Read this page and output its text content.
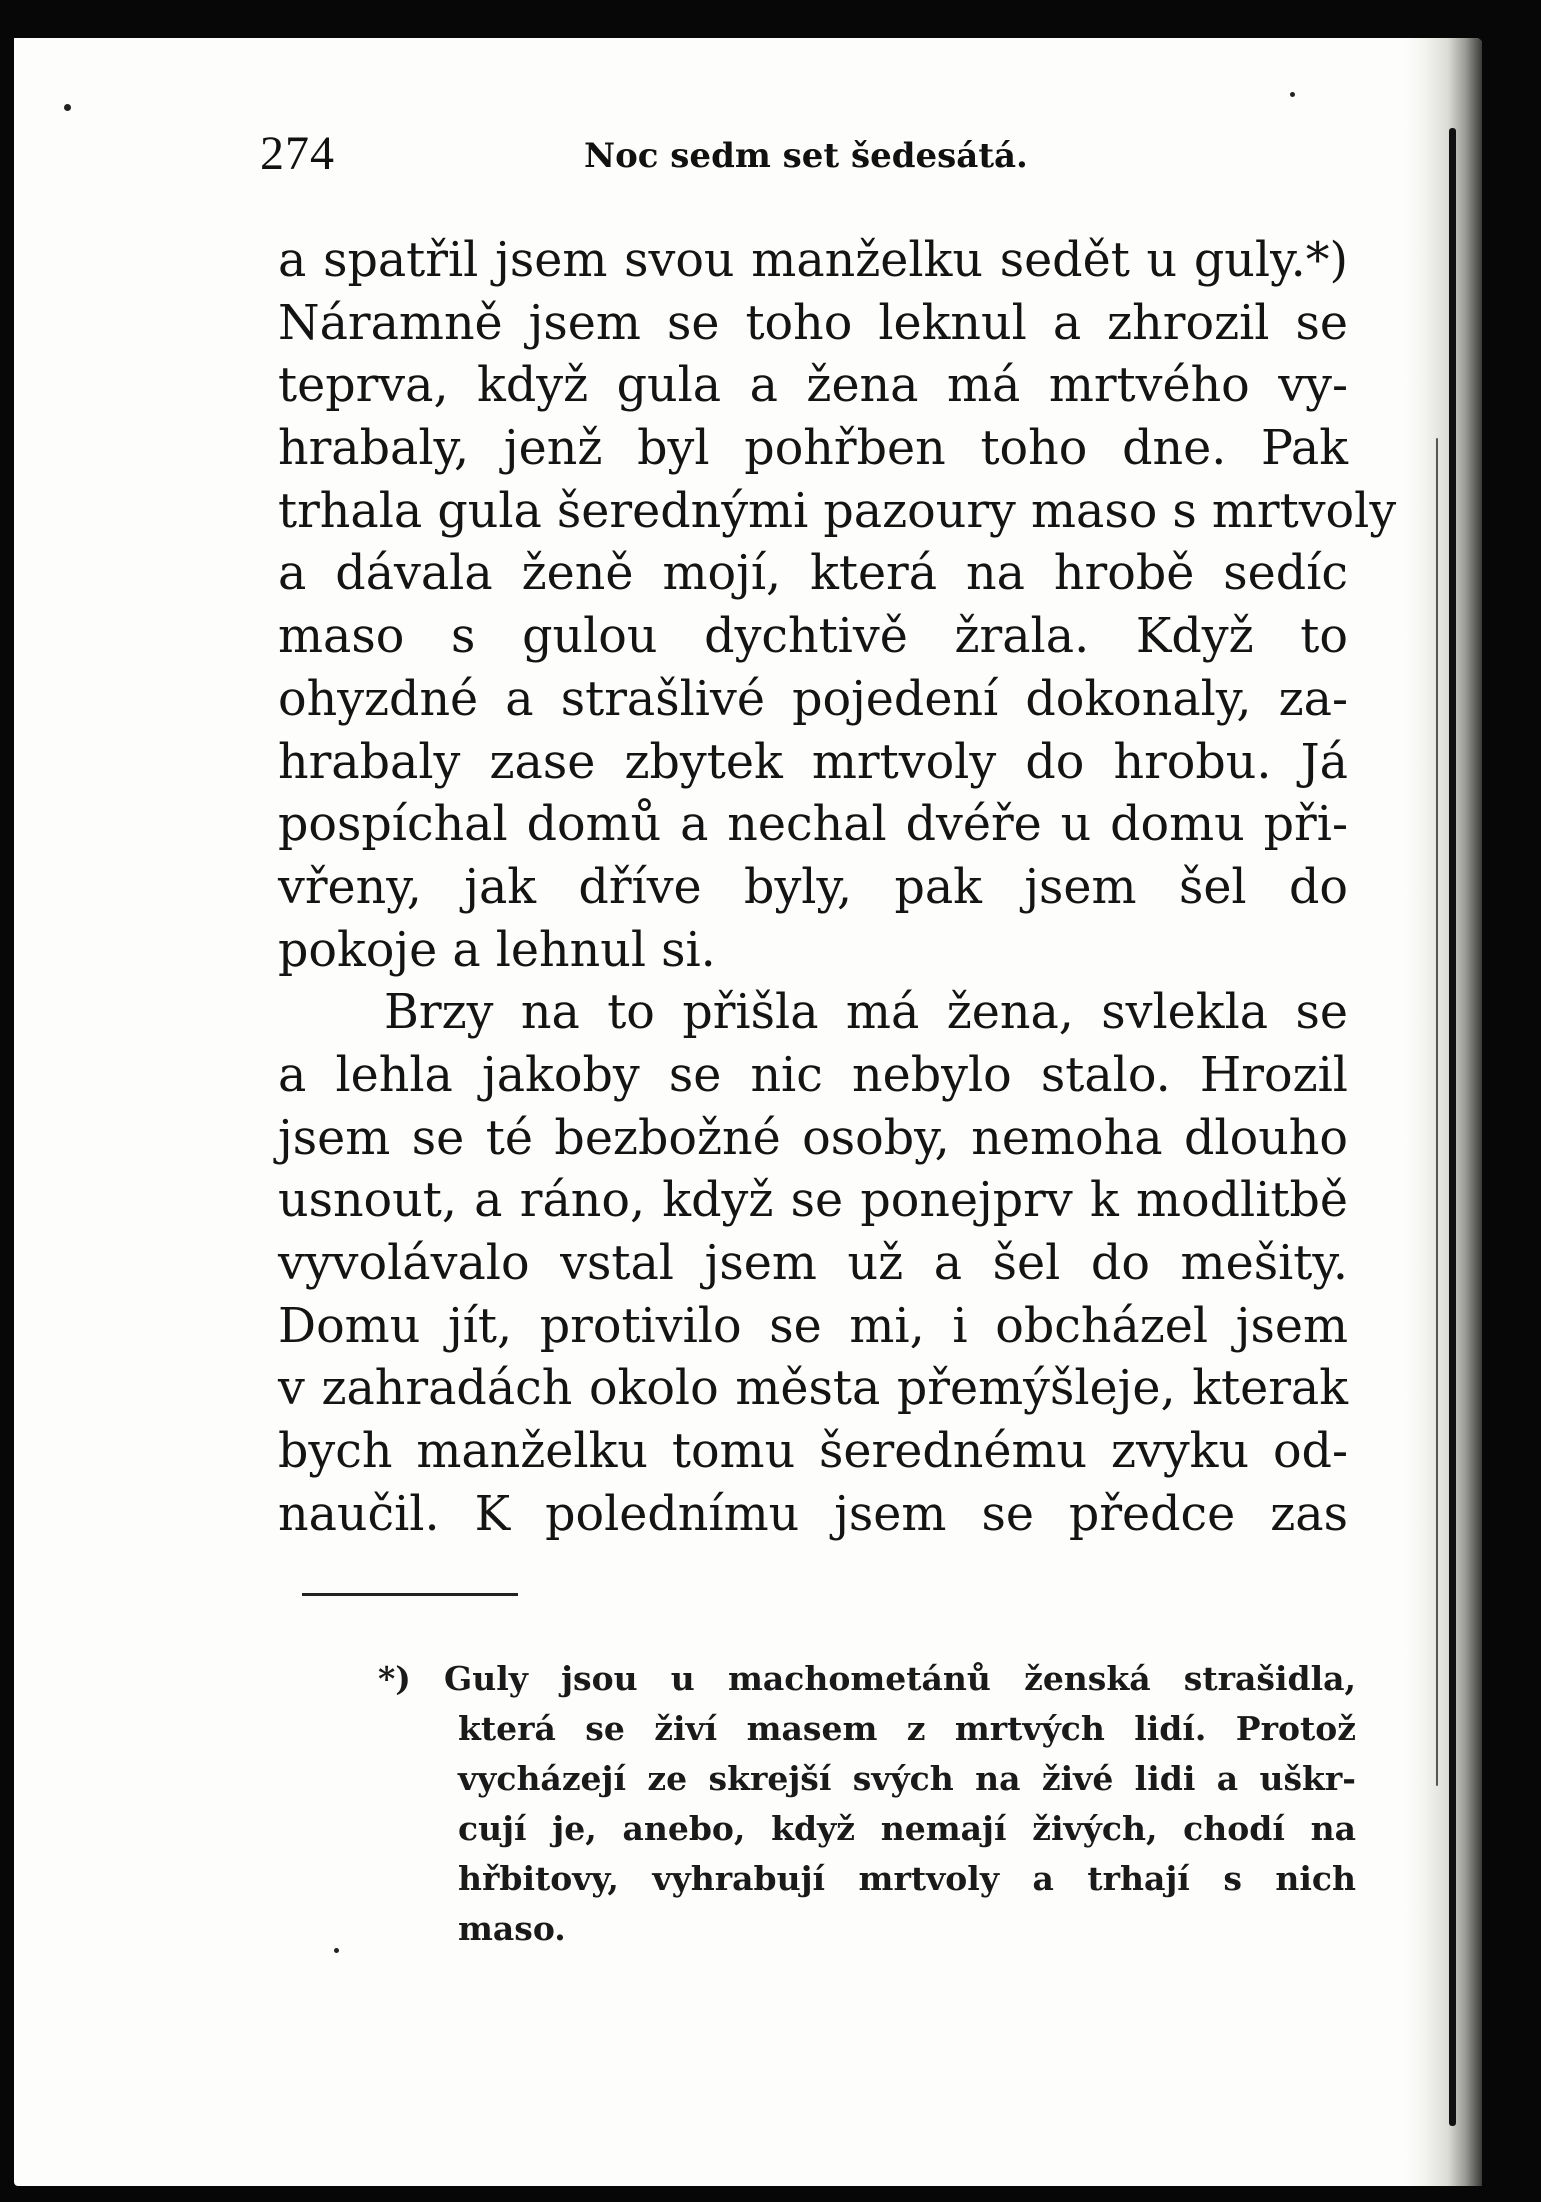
274	Noc sedm set šedesátá.
a spatřil jsem svou manželku sedět u guly.*)
Náramně jsem se toho leknul a zhrozil se
teprva, když gula a žena má mrtvého vy-
hrabaly, jenž byl pohřben toho dne. Pak
trhala gula šerednými pazoury maso s mrtvoly
a dávala ženě mojí, která na hrobě sedíc
maso s gulou dychtivě žrala. Když to
ohyzdné a strašlivé pojedení dokonaly, za-
hrabaly zase zbytek mrtvoly do hrobu. Já
pospíchal domů a nechal dvéře u domu při-
vřeny, jak dříve byly, pak jsem šel do
pokoje a lehnul si.
Brzy na to přišla má žena, svlekla se
a lehla jakoby se nic nebylo stalo. Hrozil
jsem se té bezbožné osoby, nemoha dlouho
usnout, a ráno, když se ponejprv k modlitbě
vyvolávalo vstal jsem už a šel do mešity.
Domu jít, protivilo se mi, i obcházel jsem
v zahradách okolo města přemýšleje, kterak
bych manželku tomu šerednému zvyku od-
naučil. K polednímu jsem se předce zas
*) Guly jsou u machometánů ženská strašidla,
která se živí masem z mrtvých lidí. Protož
vycházejí ze skrejší svých na živé lidi a uškr-
cují je, anebo, když nemají živých, chodí na
hřbitovy, vyhrabují mrtvoly a trhají s nich
maso.
